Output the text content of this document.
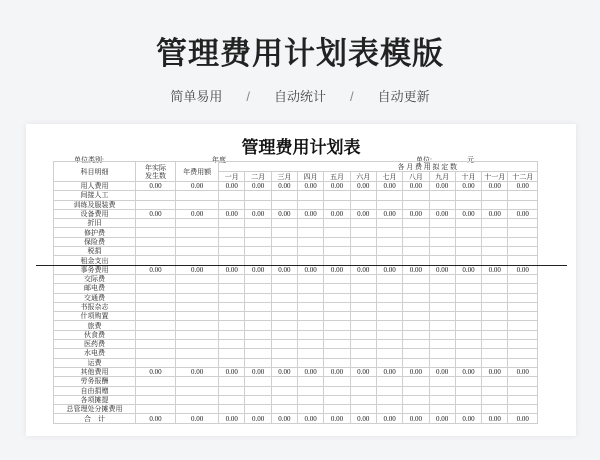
管理费用计划表模版
简单易用 / 自动统计 / 自动更新
管理费用计划表
单位类别:	年度	单位:	元
科目明细	年实际
发生数	年费用额	各 月 费 用 拟 定 数											
			一月	二月	三月	四月	五月	六月	七月	八月	九月	十月	十一月	十二月
用人费用	0.00	0.00	0.00	0.00	0.00	0.00	0.00	0.00	0.00	0.00	0.00	0.00	0.00	0.00
间接人工														
训练及服装费														
设备费用	0.00	0.00	0.00	0.00	0.00	0.00	0.00	0.00	0.00	0.00	0.00	0.00	0.00	0.00
折旧														
修护费														
保险费														
税捐														
租金支出														
事务费用	0.00	0.00	0.00	0.00	0.00	0.00	0.00	0.00	0.00	0.00	0.00	0.00	0.00	0.00
交际费														
邮电费														
交通费														
书报杂志														
什项购置														
旅费														
伙食费														
医药费														
水电费														
运费														
其他费用	0.00	0.00	0.00	0.00	0.00	0.00	0.00	0.00	0.00	0.00	0.00	0.00	0.00	0.00
劳务报酬														
自由捐赠														
各项摊提														
总管理处分摊费用														
合　计	0.00	0.00	0.00	0.00	0.00	0.00	0.00	0.00	0.00	0.00	0.00	0.00	0.00	0.00
